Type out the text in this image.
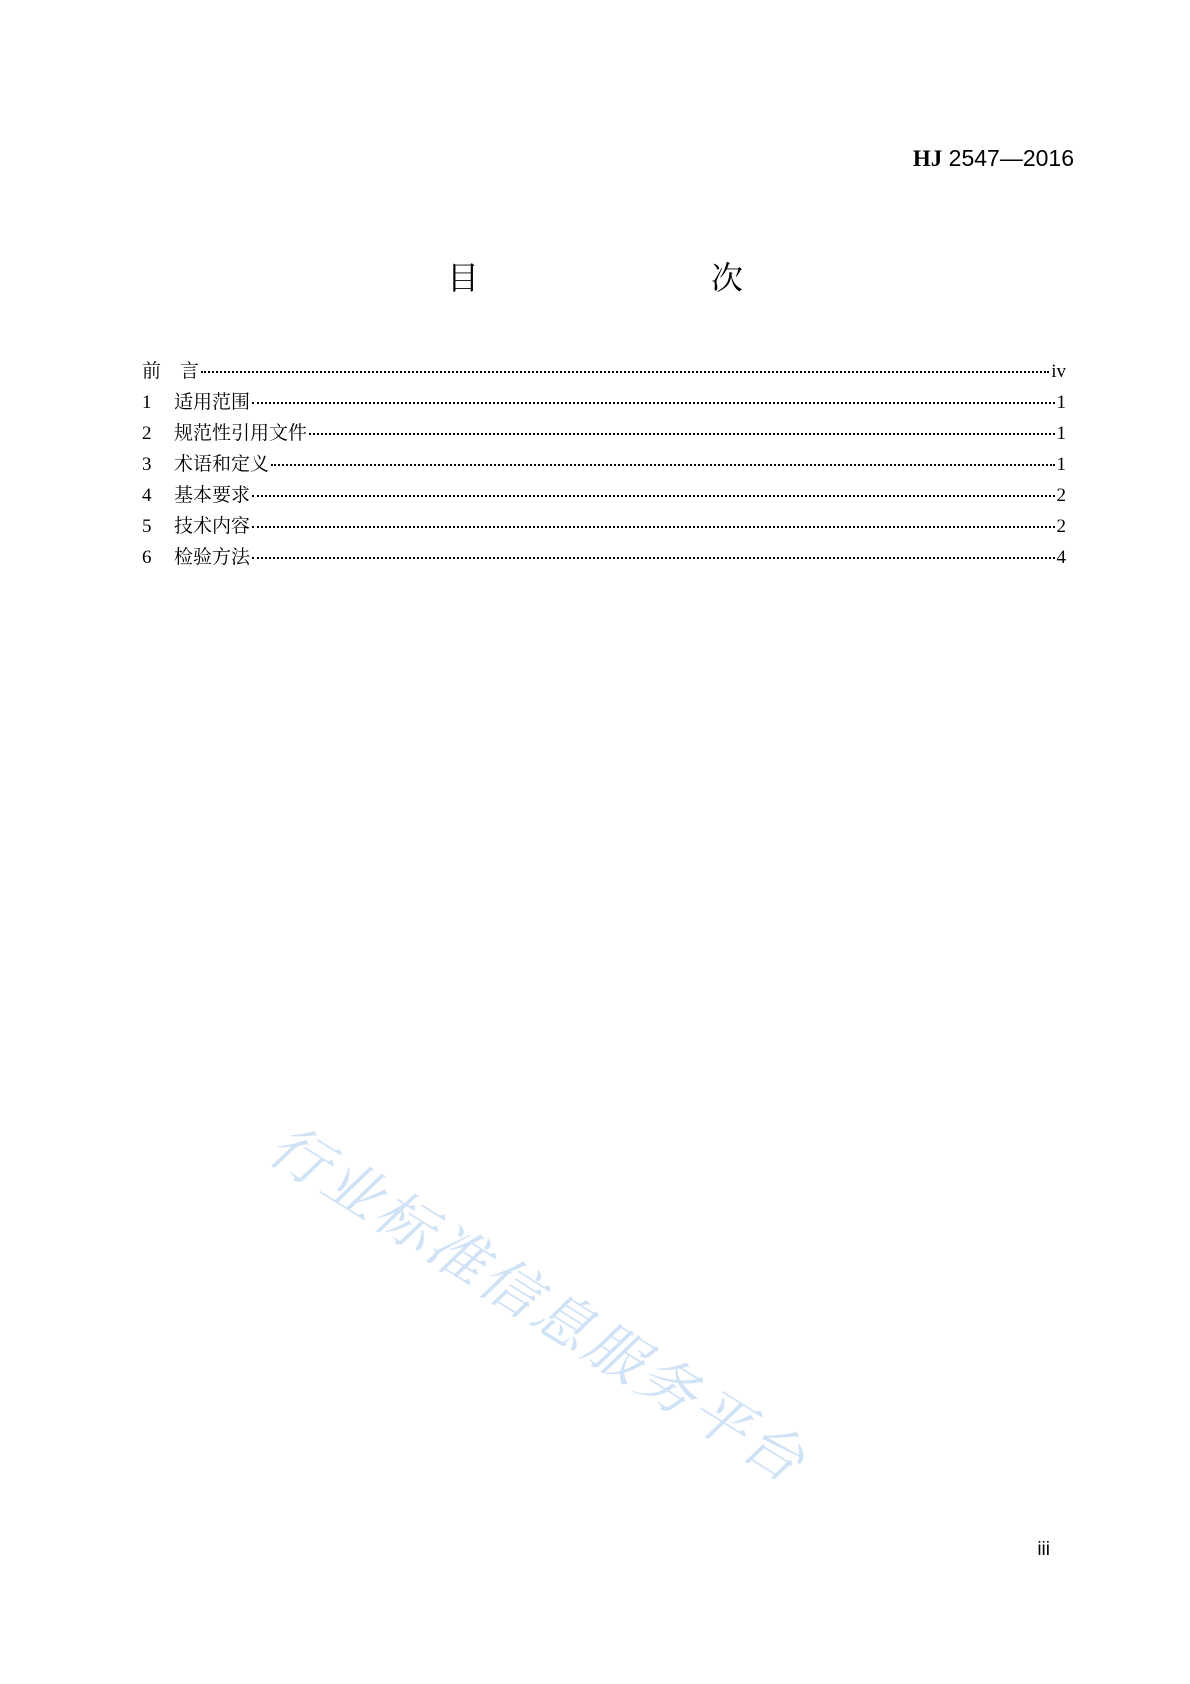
HJ 2547—2016
目　　次
前　言	iv
1	适用范围	1
2	规范性引用文件	1
3	术语和定义	1
4	基本要求	2
5	技术内容	2
6	检验方法	4
行业标准信息服务平台
iii
